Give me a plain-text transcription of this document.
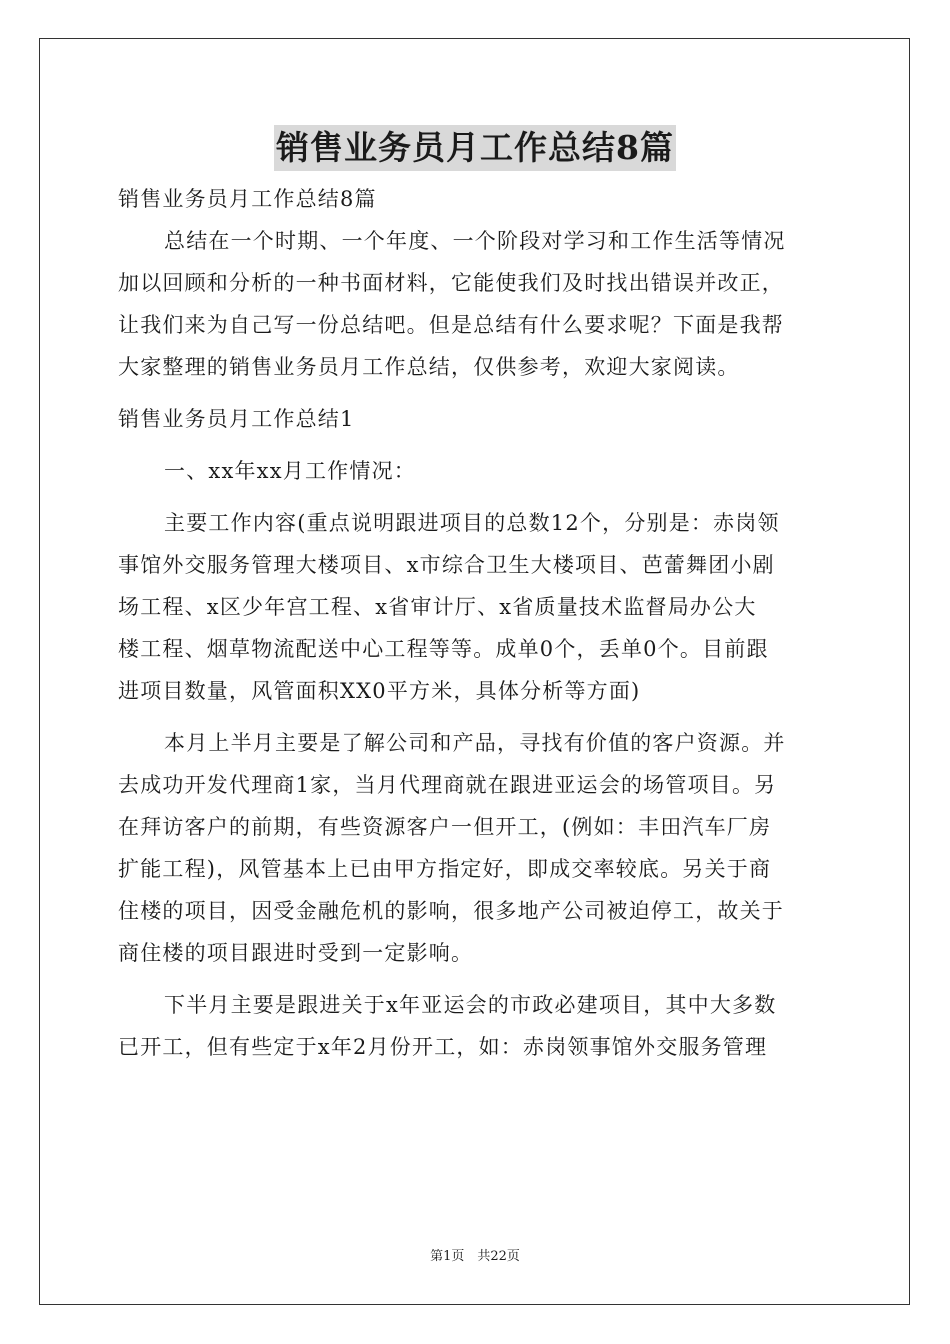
销售业务员月工作总结8篇
销售业务员月工作总结8篇
总结在一个时期、一个年度、一个阶段对学习和工作生活等情况
加以回顾和分析的一种书面材料，它能使我们及时找出错误并改正，
让我们来为自己写一份总结吧。但是总结有什么要求呢？下面是我帮
大家整理的销售业务员月工作总结，仅供参考，欢迎大家阅读。
销售业务员月工作总结1
一、xx年xx月工作情况：
主要工作内容(重点说明跟进项目的总数12个，分别是：赤岗领
事馆外交服务管理大楼项目、x市综合卫生大楼项目、芭蕾舞团小剧
场工程、x区少年宫工程、x省审计厅、x省质量技术监督局办公大
楼工程、烟草物流配送中心工程等等。成单0个，丢单0个。目前跟
进项目数量，风管面积XX0平方米，具体分析等方面)
本月上半月主要是了解公司和产品，寻找有价值的客户资源。并
去成功开发代理商1家，当月代理商就在跟进亚运会的场管项目。另
在拜访客户的前期，有些资源客户一但开工，(例如：丰田汽车厂房
扩能工程)，风管基本上已由甲方指定好，即成交率较底。另关于商
住楼的项目，因受金融危机的影响，很多地产公司被迫停工，故关于
商住楼的项目跟进时受到一定影响。
下半月主要是跟进关于x年亚运会的市政必建项目，其中大多数
已开工，但有些定于x年2月份开工，如：赤岗领事馆外交服务管理
第1页　共22页
